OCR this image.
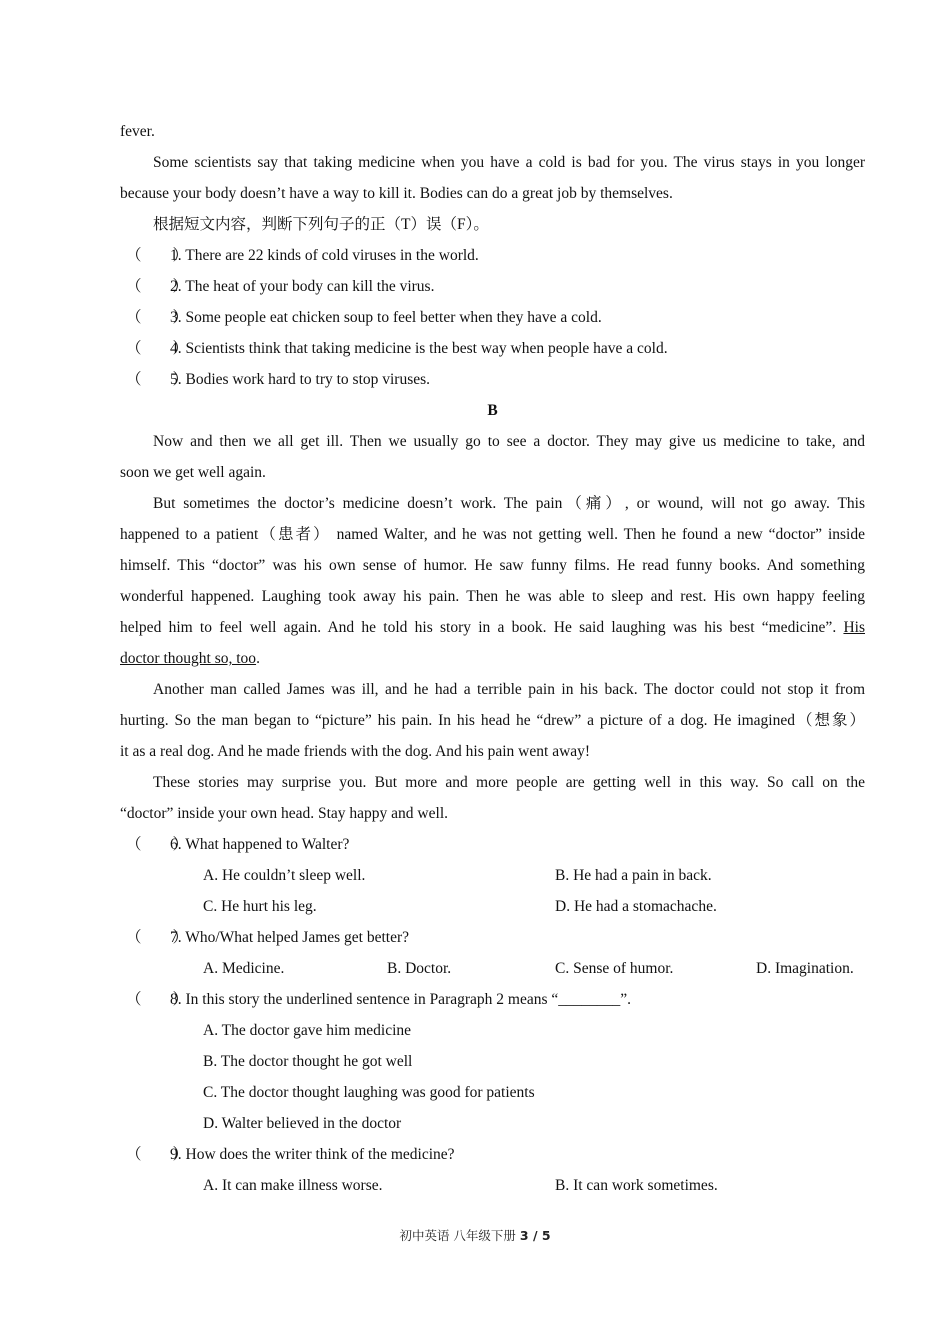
fever.
Some scientists say that taking medicine when you have a cold is bad for you. The virus stays in you longer
because your body doesn’t have a way to kill it. Bodies can do a great job by themselves.
根据短文内容，判断下列句子的正（T）误（F）。
（　　）
1. There are 22 kinds of cold viruses in the world.
（　　）
2. The heat of your body can kill the virus.
（　　）
3. Some people eat chicken soup to feel better when they have a cold.
（　　）
4. Scientists think that taking medicine is the best way when people have a cold.
（　　）
5. Bodies work hard to try to stop viruses.
B
Now and then we all get ill. Then we usually go to see a doctor. They may give us medicine to take, and
soon we get well again.
But sometimes the doctor’s medicine doesn’t work. The pain（痛）, or wound, will not go away. This
happened to a patient（患者） named Walter, and he was not getting well. Then he found a new “doctor” inside
himself. This “doctor” was his own sense of humor. He saw funny films. He read funny books. And something
wonderful happened. Laughing took away his pain. Then he was able to sleep and rest. His own happy feeling
helped him to feel well again. And he told his story in a book. He said laughing was his best “medicine”. His
doctor thought so, too.
Another man called James was ill, and he had a terrible pain in his back. The doctor could not stop it from
hurting. So the man began to “picture” his pain. In his head he “drew” a picture of a dog. He imagined（想象）
it as a real dog. And he made friends with the dog. And his pain went away!
These stories may surprise you. But more and more people are getting well in this way. So call on the
“doctor” inside your own head. Stay happy and well.
（　　）
6. What happened to Walter?
A. He couldn’t sleep well.	B. He had a pain in back.
C. He hurt his leg.	D. He had a stomachache.
（　　）
7. Who/What helped James get better?
A. Medicine.	B. Doctor.	C. Sense of humor.	D. Imagination.
（　　）
8. In this story the underlined sentence in Paragraph 2 means “________”.
A. The doctor gave him medicine
B. The doctor thought he got well
C. The doctor thought laughing was good for patients
D. Walter believed in the doctor
（　　）
9. How does the writer think of the medicine?
A. It can make illness worse.	B. It can work sometimes.
初中英语 八年级下册 3 / 5
